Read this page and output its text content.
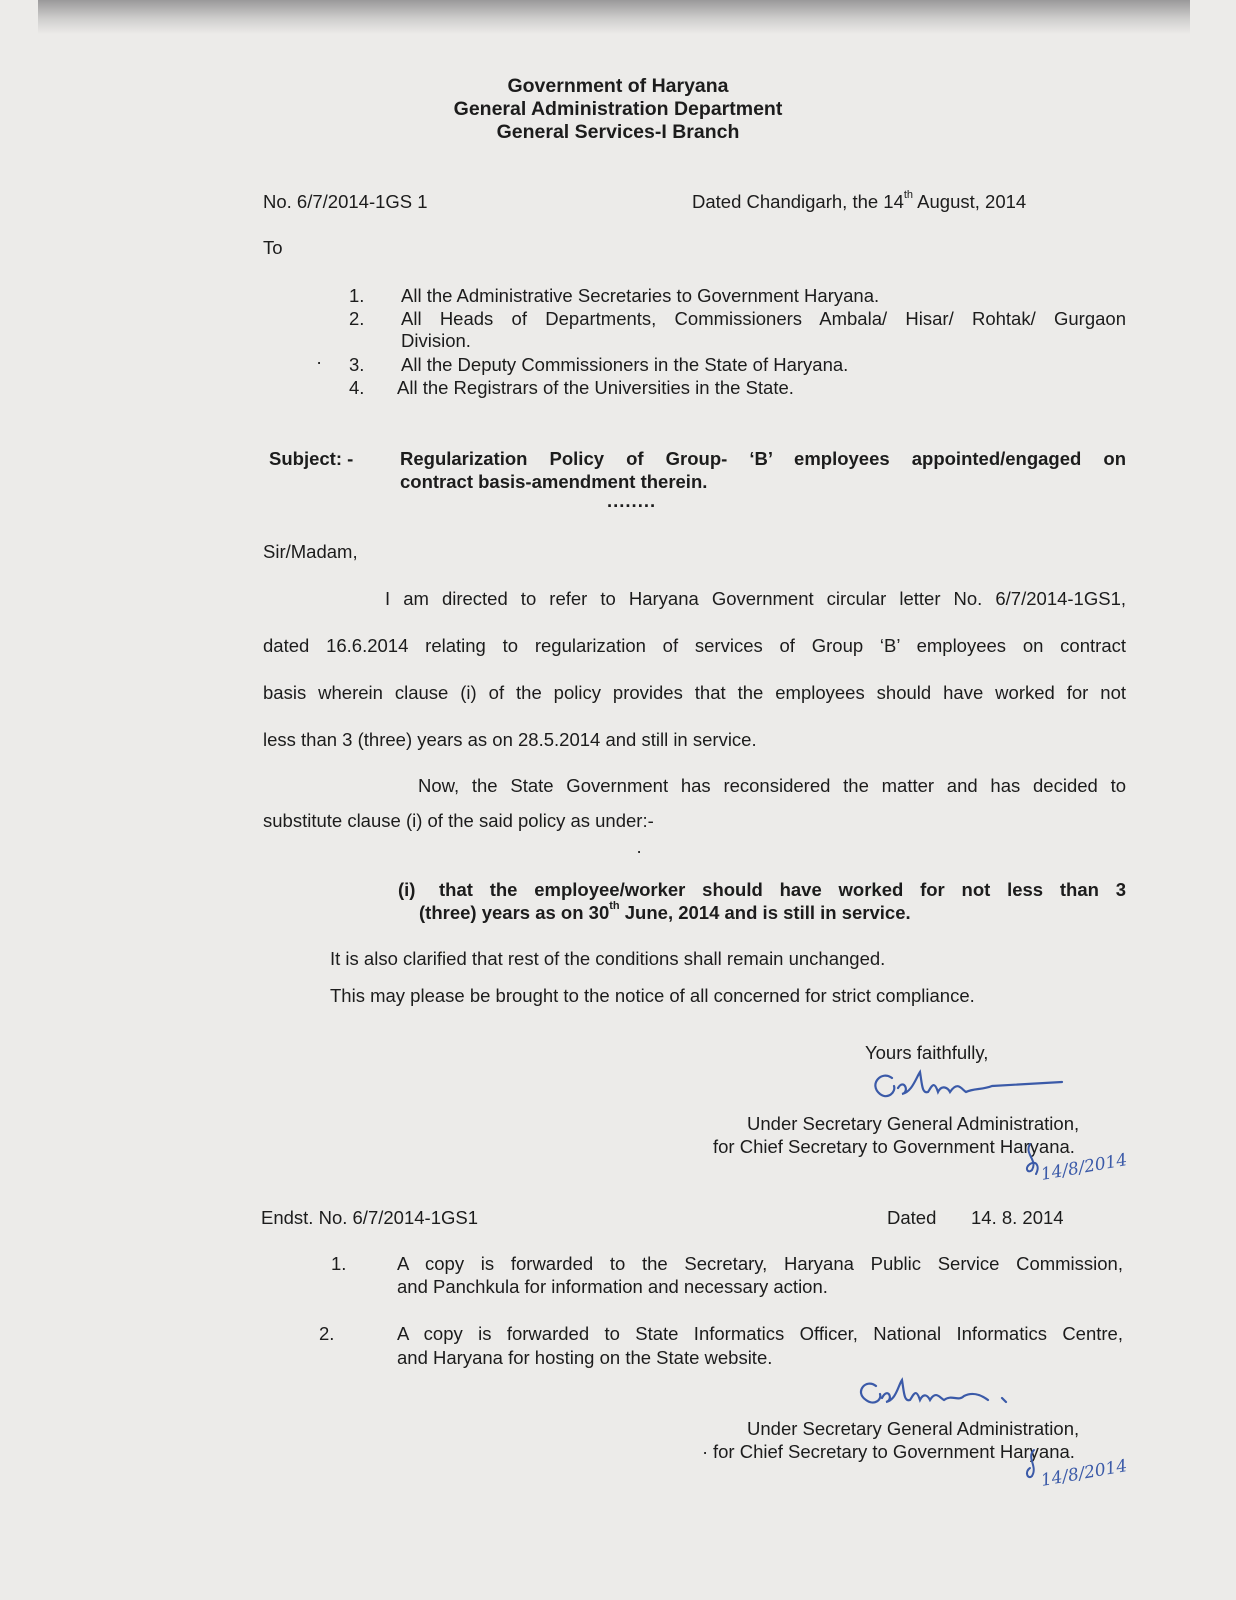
Government of Haryana
General Administration Department
General Services-I Branch
No. 6/7/2014-1GS 1	Dated Chandigarh, the 14th August, 2014
To
1. All the Administrative Secretaries to Government Haryana.
2. All Heads of Departments, Commissioners Ambala/ Hisar/ Rohtak/ Gurgaon
Division.
· 3. All the Deputy Commissioners in the State of Haryana.
4. All the Registrars of the Universities in the State.
Subject: -	Regularization Policy of Group- ‘B’ employees appointed/engaged on
contract basis-amendment therein.
........
Sir/Madam,
I am directed to refer to Haryana Government circular letter No. 6/7/2014-1GS1,
dated 16.6.2014 relating to regularization of services of Group ‘B’ employees on contract
basis wherein clause (i) of the policy provides that the employees should have worked for not
less than 3 (three) years as on 28.5.2014 and still in service.
Now, the State Government has reconsidered the matter and has decided to
substitute clause (i) of the said policy as under:-
·
(i) that the employee/worker should have worked for not less than 3
(three) years as on 30th June, 2014 and is still in service.
It is also clarified that rest of the conditions shall remain unchanged.
This may please be brought to the notice of all concerned for strict compliance.
Yours faithfully,
Under Secretary General Administration,
for Chief Secretary to Government Haryana.
14/8/2014
Endst. No. 6/7/2014-1GS1	Dated 14. 8. 2014
1.	A copy is forwarded to the Secretary, Haryana Public Service Commission,
and Panchkula for information and necessary action.
2.	A copy is forwarded to State Informatics Officer, National Informatics Centre,
and Haryana for hosting on the State website.
Under Secretary General Administration,
· for Chief Secretary to Government Haryana.
14/8/2014
